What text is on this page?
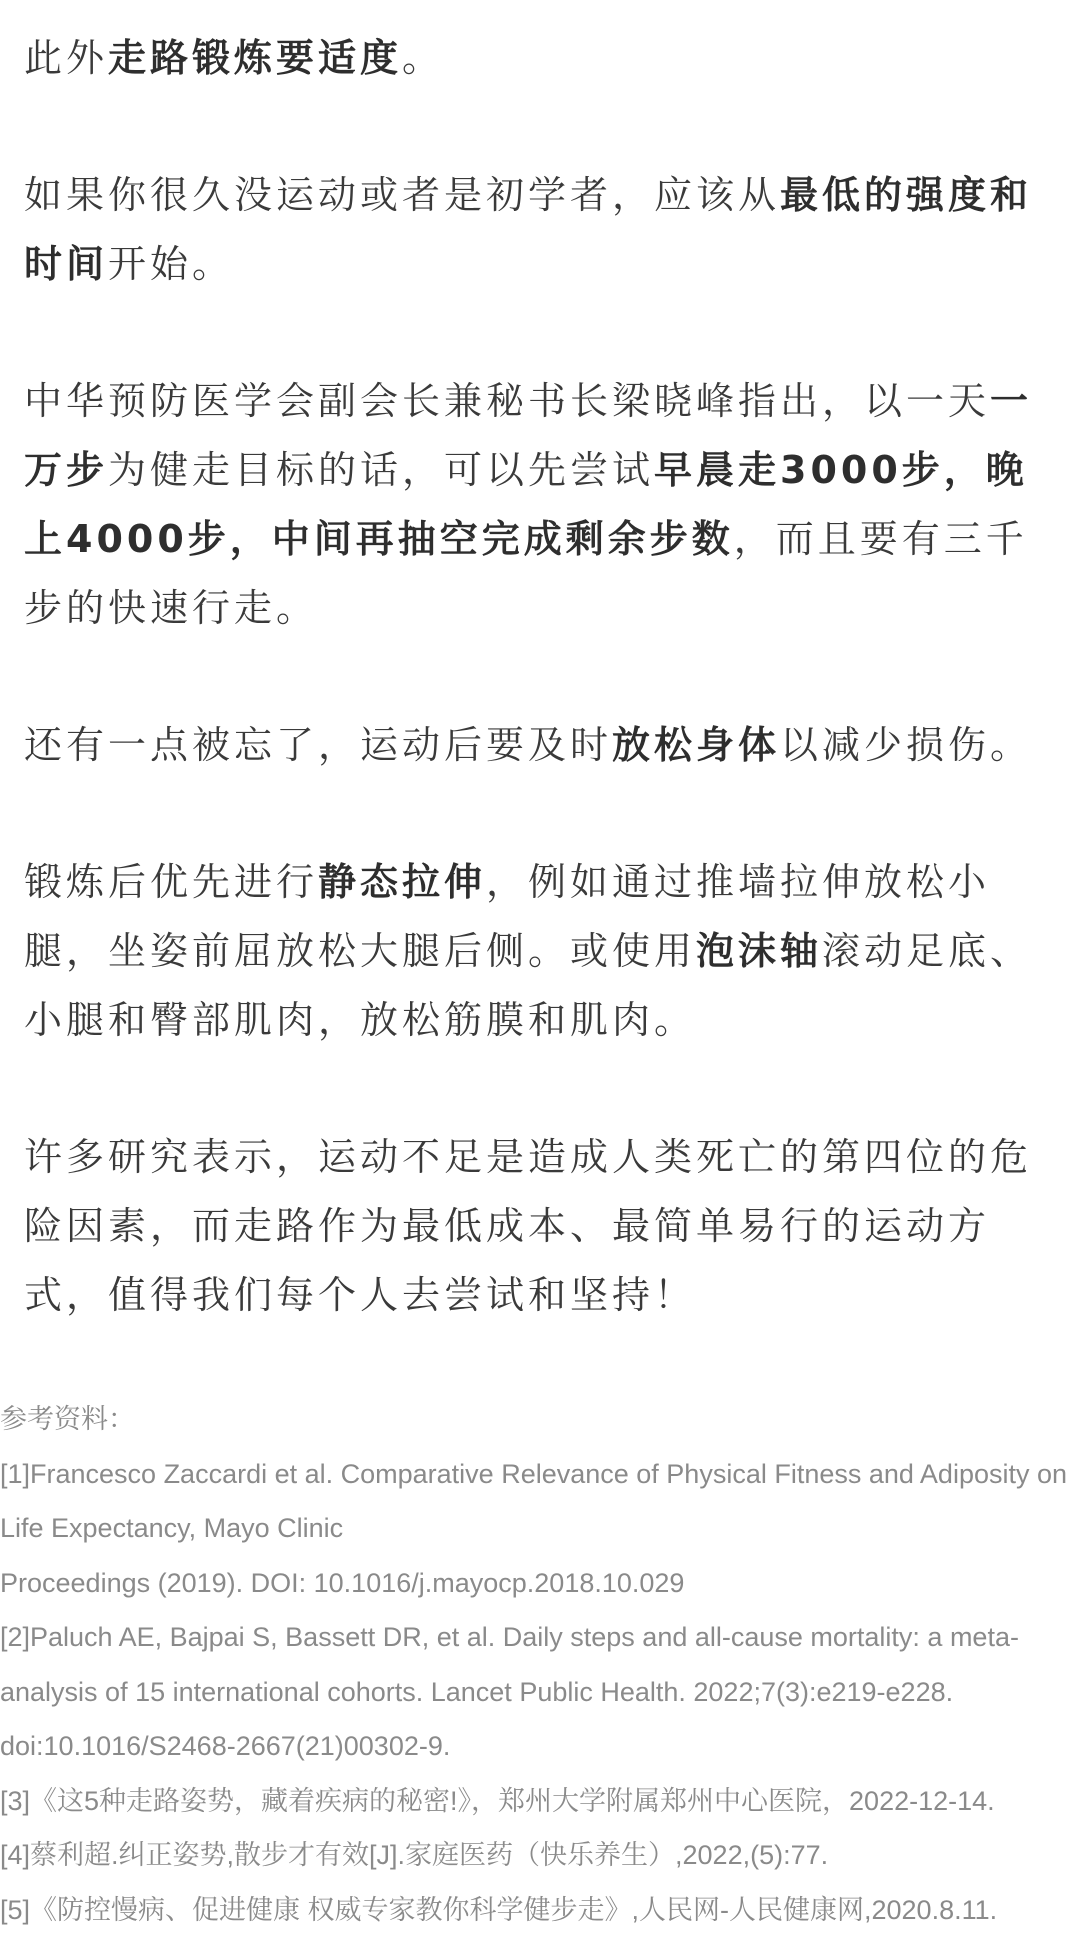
此外走路锻炼要适度。

如果你很久没运动或者是初学者，应该从最低的强度和时间开始。

中华预防医学会副会长兼秘书长梁晓峰指出，以一天一万步为健走目标的话，可以先尝试早晨走3000步，晚上4000步，中间再抽空完成剩余步数，而且要有三千步的快速行走。

还有一点被忘了，运动后要及时放松身体以减少损伤。

锻炼后优先进行静态拉伸，例如通过推墙拉伸放松小腿，坐姿前屈放松大腿后侧。或使用泡沫轴滚动足底、小腿和臀部肌肉，放松筋膜和肌肉。

许多研究表示，运动不足是造成人类死亡的第四位的危险因素，而走路作为最低成本、最简单易行的运动方式，值得我们每个人去尝试和坚持！

参考资料：
[1]Francesco Zaccardi et al. Comparative Relevance of Physical Fitness and Adiposity on Life Expectancy, Mayo Clinic
Proceedings (2019). DOI: 10.1016/j.mayocp.2018.10.029
[2]Paluch AE, Bajpai S, Bassett DR, et al. Daily steps and all-cause mortality: a meta-analysis of 15 international cohorts. Lancet Public Health. 2022;7(3):e219-e228. doi:10.1016/S2468-2667(21)00302-9.
[3]《这5种走路姿势，藏着疾病的秘密!》，郑州大学附属郑州中心医院，2022-12-14.
[4]蔡利超.纠正姿势,散步才有效[J].家庭医药（快乐养生）,2022,(5):77.
[5]《防控慢病、促进健康 权威专家教你科学健步走》,人民网-人民健康网,2020.8.11.
